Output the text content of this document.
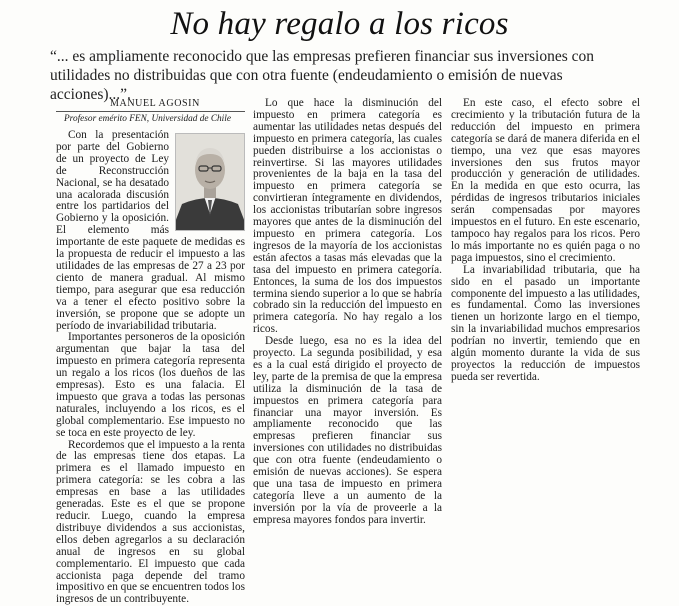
No hay regalo a los ricos
“... es ampliamente reconocido que las empresas prefieren financiar sus inversiones con utilidades no distribuidas que con otra fuente (endeudamiento o emisión de nuevas acciones)...”.
MANUEL AGOSIN
Profesor emérito FEN, Universidad de Chile

Con la presentación por parte del Gobierno de un proyecto de Ley de Reconstrucción Nacional, se ha desatado una acalorada discusión entre los partidarios del Gobierno y la oposición. El elemento más importante de este paquete de medidas es la propuesta de reducir el impuesto a las utilidades de las empresas de 27 a 23 por ciento de manera gradual. Al mismo tiempo, para asegurar que esa reducción va a tener el efecto positivo sobre la inversión, se propone que se adopte un período de invariabilidad tributaria.

Importantes personeros de la oposición argumentan que bajar la tasa del impuesto en primera categoría representa un regalo a los ricos (los dueños de las empresas). Esto es una falacia. El impuesto que grava a todas las personas naturales, incluyendo a los ricos, es el global complementario. Ese impuesto no se toca en este proyecto de ley.

Recordemos que el impuesto a la renta de las empresas tiene dos etapas. La primera es el llamado impuesto en primera categoría: se les cobra a las empresas en base a las utilidades generadas. Este es el que se propone reducir. Luego, cuando la empresa distribuye dividendos a sus accionistas, ellos deben agregarlos a su declaración anual de ingresos en su global complementario. El impuesto que cada accionista paga depende del tramo impositivo en que se encuentren todos los ingresos de un contribuyente.

Lo que hace la disminución del impuesto en primera categoría es aumentar las utilidades netas después del impuesto en primera categoría, las cuales pueden distribuirse a los accionistas o reinvertirse. Si las mayores utilidades provenientes de la baja en la tasa del impuesto en primera categoría se convirtieran íntegramente en dividendos, los accionistas tributarían sobre ingresos mayores que antes de la disminución del impuesto en primera categoría. Los ingresos de la mayoría de los accionistas están afectos a tasas más elevadas que la tasa del impuesto en primera categoría. Entonces, la suma de los dos impuestos termina siendo superior a lo que se habría cobrado sin la reducción del impuesto en primera categoría. No hay regalo a los ricos.

Desde luego, esa no es la idea del proyecto. La segunda posibilidad, y esa es a la cual está dirigido el proyecto de ley, parte de la premisa de que la empresa utiliza la disminución de la tasa de impuestos en primera categoría para financiar una mayor inversión. Es ampliamente reconocido que las empresas prefieren financiar sus inversiones con utilidades no distribuidas que con otra fuente (endeudamiento o emisión de nuevas acciones). Se espera que una tasa de impuesto en primera categoría lleve a un aumento de la inversión por la vía de proveerle a la empresa mayores fondos para invertir.

En este caso, el efecto sobre el crecimiento y la tributación futura de la reducción del impuesto en primera categoría se dará de manera diferida en el tiempo, una vez que esas mayores inversiones den sus frutos mayor producción y generación de utilidades. En la medida en que esto ocurra, las pérdidas de ingresos tributarios iniciales serán compensadas por mayores impuestos en el futuro. En este escenario, tampoco hay regalos para los ricos. Pero lo más importante no es quién paga o no paga impuestos, sino el crecimiento.

La invariabilidad tributaria, que ha sido en el pasado un importante componente del impuesto a las utilidades, es fundamental. Como las inversiones tienen un horizonte largo en el tiempo, sin la invariabilidad muchos empresarios podrían no invertir, temiendo que en algún momento durante la vida de sus proyectos la reducción de impuestos pueda ser revertida.
